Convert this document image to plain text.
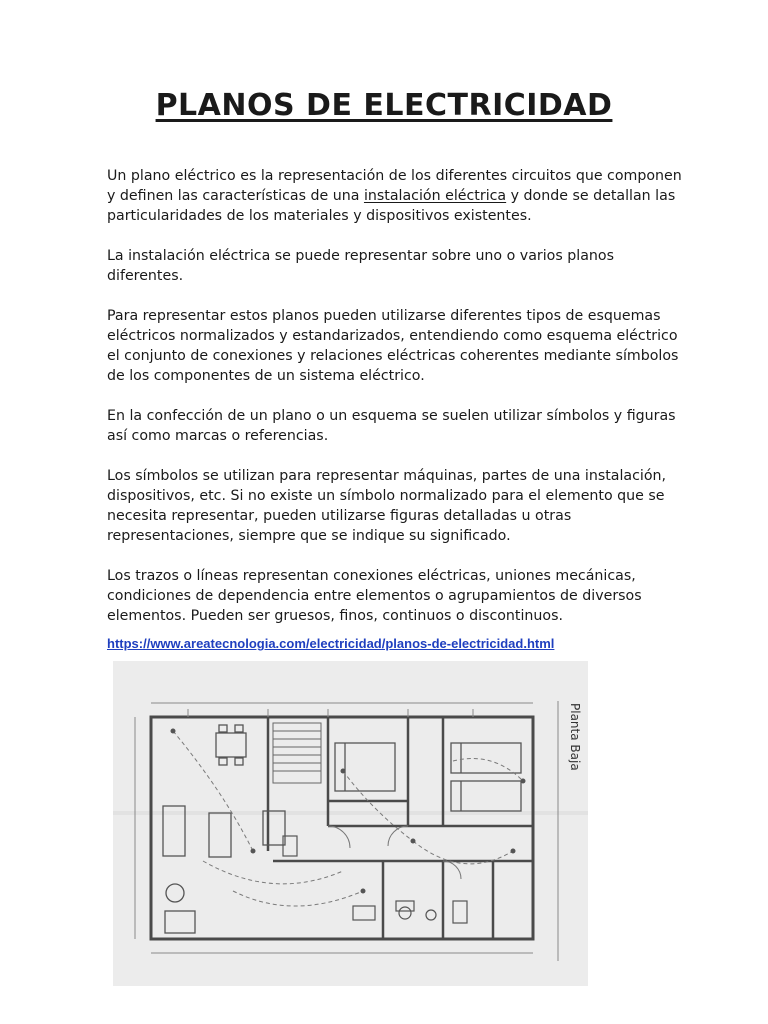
PLANOS DE ELECTRICIDAD

Un plano eléctrico es la representación de los diferentes circuitos que componen y definen las características de una instalación eléctrica y donde se detallan las particularidades de los materiales y dispositivos existentes.

La instalación eléctrica se puede representar sobre uno o varios planos diferentes.

Para representar estos planos pueden utilizarse diferentes tipos de esquemas eléctricos normalizados y estandarizados, entendiendo como esquema eléctrico el conjunto de conexiones y relaciones eléctricas coherentes mediante símbolos de los componentes de un sistema eléctrico.

En la confección de un plano o un esquema se suelen utilizar símbolos y figuras así como marcas o referencias.

Los símbolos se utilizan para representar máquinas, partes de una instalación, dispositivos, etc. Si no existe un símbolo normalizado para el elemento que se necesita representar, pueden utilizarse figuras detalladas u otras representaciones, siempre que se indique su significado.

Los trazos o líneas representan conexiones eléctricas, uniones mecánicas, condiciones de dependencia entre elementos o agrupamientos de diversos elementos. Pueden ser gruesos, finos, continuos o discontinuos.

https://www.areatecnologia.com/electricidad/planos-de-electricidad.html
Planta Baja
